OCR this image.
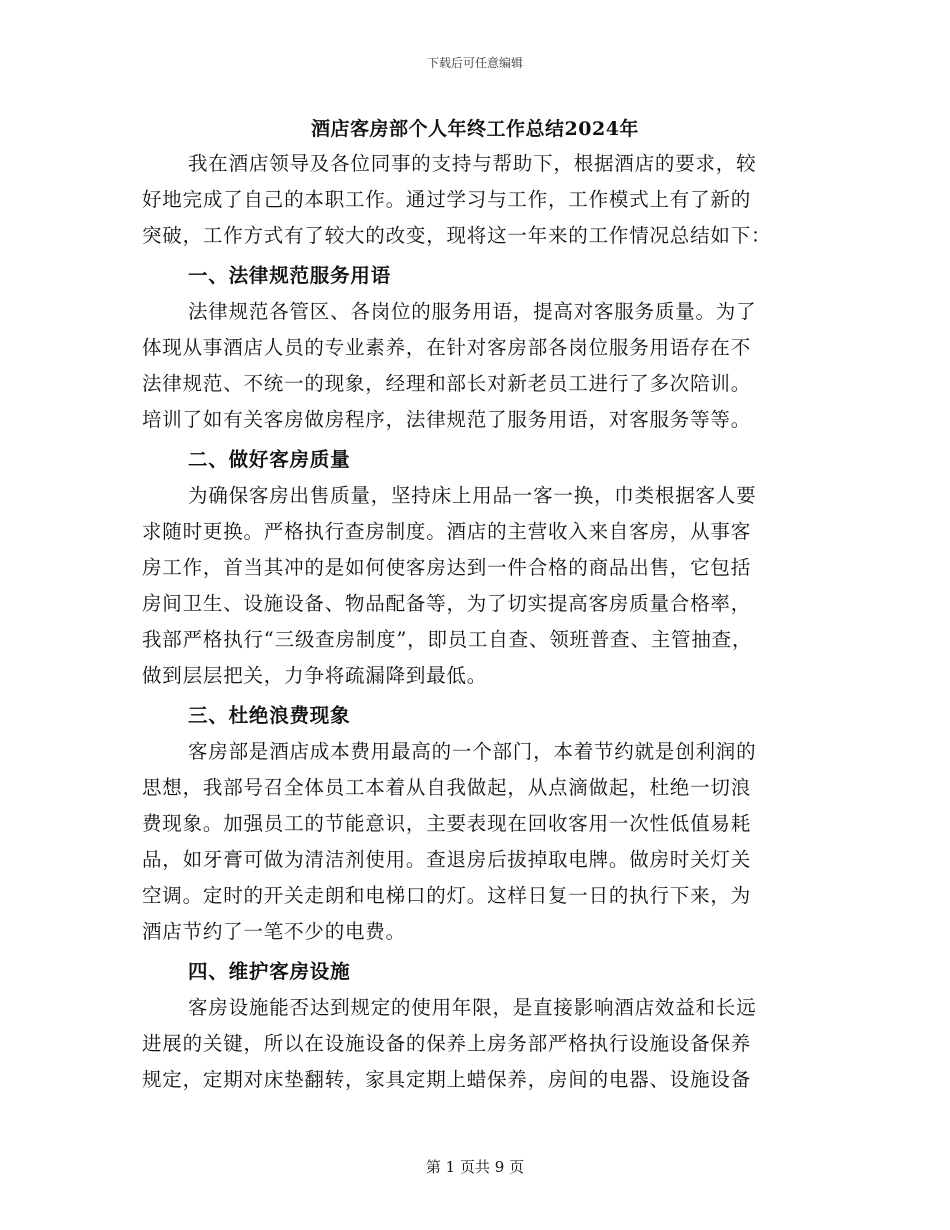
下载后可任意编辑
酒店客房部个人年终工作总结2024年
我在酒店领导及各位同事的支持与帮助下，根据酒店的要求，较
好地完成了自己的本职工作。通过学习与工作，工作模式上有了新的
突破，工作方式有了较大的改变，现将这一年来的工作情况总结如下：
一、法律规范服务用语
法律规范各管区、各岗位的服务用语，提高对客服务质量。为了
体现从事酒店人员的专业素养，在针对客房部各岗位服务用语存在不
法律规范、不统一的现象，经理和部长对新老员工进行了多次陪训。
培训了如有关客房做房程序，法律规范了服务用语，对客服务等等。
二、做好客房质量
为确保客房出售质量，坚持床上用品一客一换，巾类根据客人要
求随时更换。严格执行查房制度。酒店的主营收入来自客房，从事客
房工作，首当其冲的是如何使客房达到一件合格的商品出售，它包括
房间卫生、设施设备、物品配备等，为了切实提高客房质量合格率，
我部严格执行“三级查房制度”，即员工自查、领班普查、主管抽查，
做到层层把关，力争将疏漏降到最低。
三、杜绝浪费现象
客房部是酒店成本费用最高的一个部门，本着节约就是创利润的
思想，我部号召全体员工本着从自我做起，从点滴做起，杜绝一切浪
费现象。加强员工的节能意识，主要表现在回收客用一次性低值易耗
品，如牙膏可做为清洁剂使用。查退房后拔掉取电牌。做房时关灯关
空调。定时的开关走朗和电梯口的灯。这样日复一日的执行下来，为
酒店节约了一笔不少的电费。
四、维护客房设施
客房设施能否达到规定的使用年限，是直接影响酒店效益和长远
进展的关键，所以在设施设备的保养上房务部严格执行设施设备保养
规定，定期对床垫翻转，家具定期上蜡保养，房间的电器、设施设备
第 1 页共 9 页
